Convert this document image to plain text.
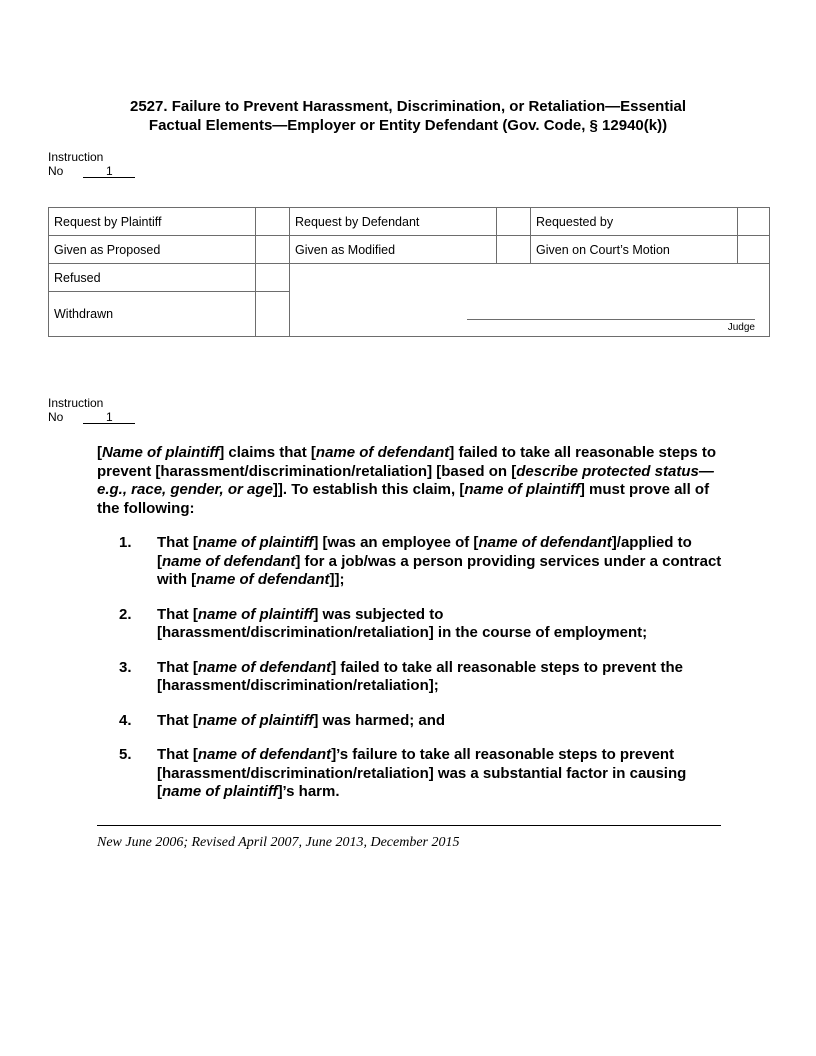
2527. Failure to Prevent Harassment, Discrimination, or Retaliation—Essential
Factual Elements—Employer or Entity Defendant (Gov. Code, § 12940(k))
Instruction
No	1
Request by Plaintiff		Request by Defendant		Requested by	
Given as Proposed		Given as Modified		Given on Court’s Motion	
Refused		Judge			

Withdrawn					
Instruction
No	1

[Name of plaintiff] claims that [name of defendant] failed to take all reasonable steps to prevent [harassment/discrimination/retaliation] [based on [describe protected status—e.g., race, gender, or age]]. To establish this claim, [name of plaintiff] must prove all of the following:

1. That [name of plaintiff] [was an employee of [name of defendant]/applied to [name of defendant] for a job/was a person providing services under a contract with [name of defendant]];
2. That [name of plaintiff] was subjected to [harassment/discrimination/retaliation] in the course of employment;
3. That [name of defendant] failed to take all reasonable steps to prevent the [harassment/discrimination/retaliation];
4. That [name of plaintiff] was harmed; and
5. That [name of defendant]’s failure to take all reasonable steps to prevent [harassment/discrimination/retaliation] was a substantial factor in causing [name of plaintiff]’s harm.
New June 2006; Revised April 2007, June 2013, December 2015
